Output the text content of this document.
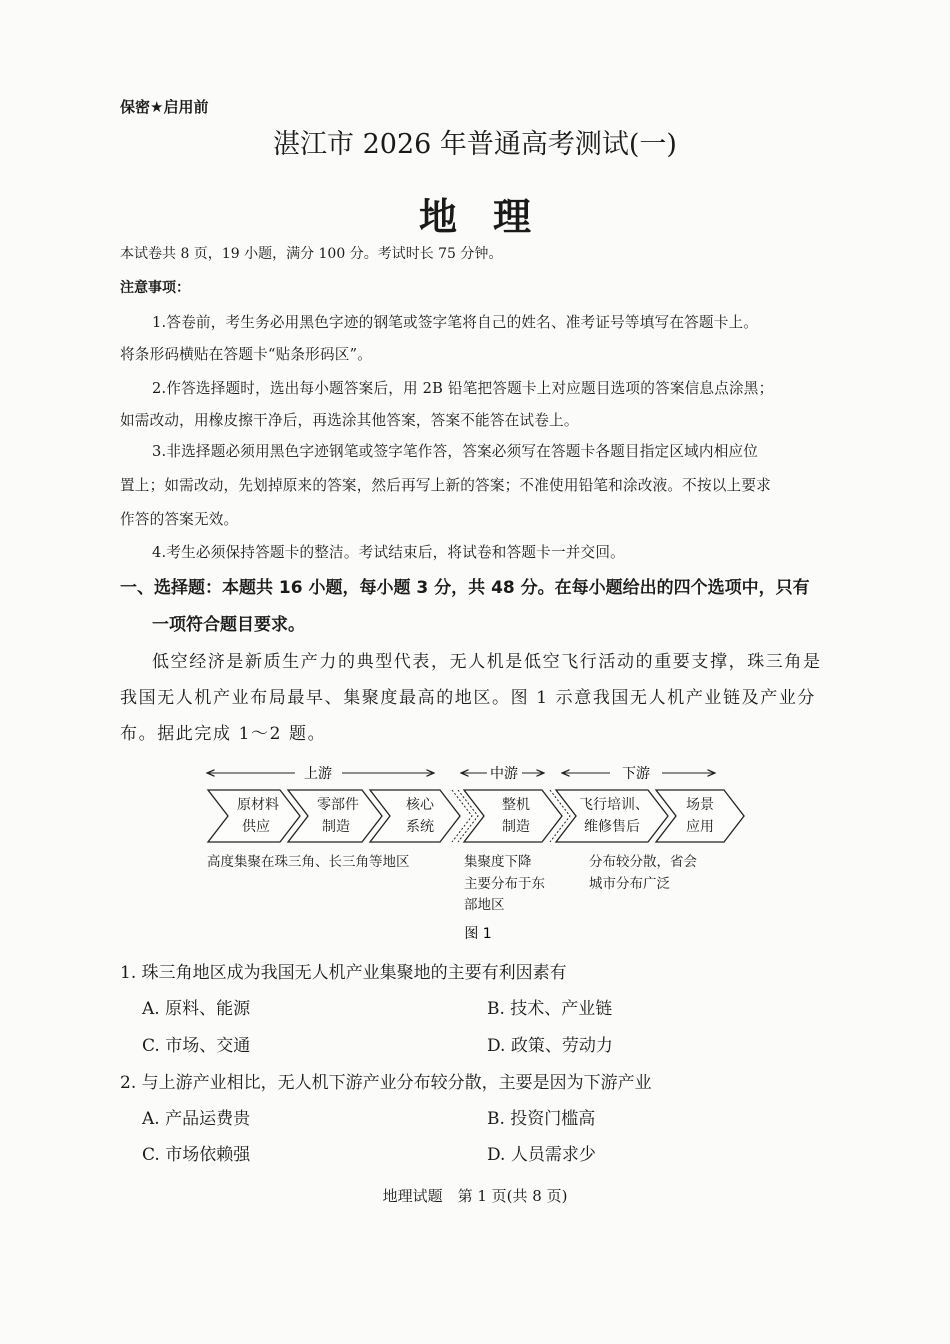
保密★启用前
湛江市 2026 年普通高考测试(一)
地理
本试卷共 8 页，19 小题，满分 100 分。考试时长 75 分钟。
注意事项：
1.答卷前，考生务必用黑色字迹的钢笔或签字笔将自己的姓名、准考证号等填写在答题卡上。
将条形码横贴在答题卡“贴条形码区”。
2.作答选择题时，选出每小题答案后，用 2B 铅笔把答题卡上对应题目选项的答案信息点涂黑；
如需改动，用橡皮擦干净后，再选涂其他答案，答案不能答在试卷上。
3.非选择题必须用黑色字迹钢笔或签字笔作答，答案必须写在答题卡各题目指定区域内相应位
置上；如需改动，先划掉原来的答案，然后再写上新的答案；不准使用铅笔和涂改液。不按以上要求
作答的答案无效。
4.考生必须保持答题卡的整洁。考试结束后，将试卷和答题卡一并交回。
一、选择题：本题共 16 小题，每小题 3 分，共 48 分。在每小题给出的四个选项中，只有
一项符合题目要求。
低空经济是新质生产力的典型代表，无人机是低空飞行活动的重要支撑，珠三角是
我国无人机产业布局最早、集聚度最高的地区。图 1 示意我国无人机产业链及产业分
布。据此完成 1～2 题。
上游	中游	下游
原材料
供应
零部件
制造
核心
系统
整机
制造
飞行培训、
维修售后
场景
应用
高度集聚在珠三角、长三角等地区	集聚度下降
主要分布于东
部地区
分布较分散，省会
城市分布广泛
图 1
1. 珠三角地区成为我国无人机产业集聚地的主要有利因素有
A. 原料、能源	B. 技术、产业链
C. 市场、交通	D. 政策、劳动力
2. 与上游产业相比，无人机下游产业分布较分散，主要是因为下游产业
A. 产品运费贵	B. 投资门槛高
C. 市场依赖强	D. 人员需求少
地理试题　第 1 页(共 8 页)
